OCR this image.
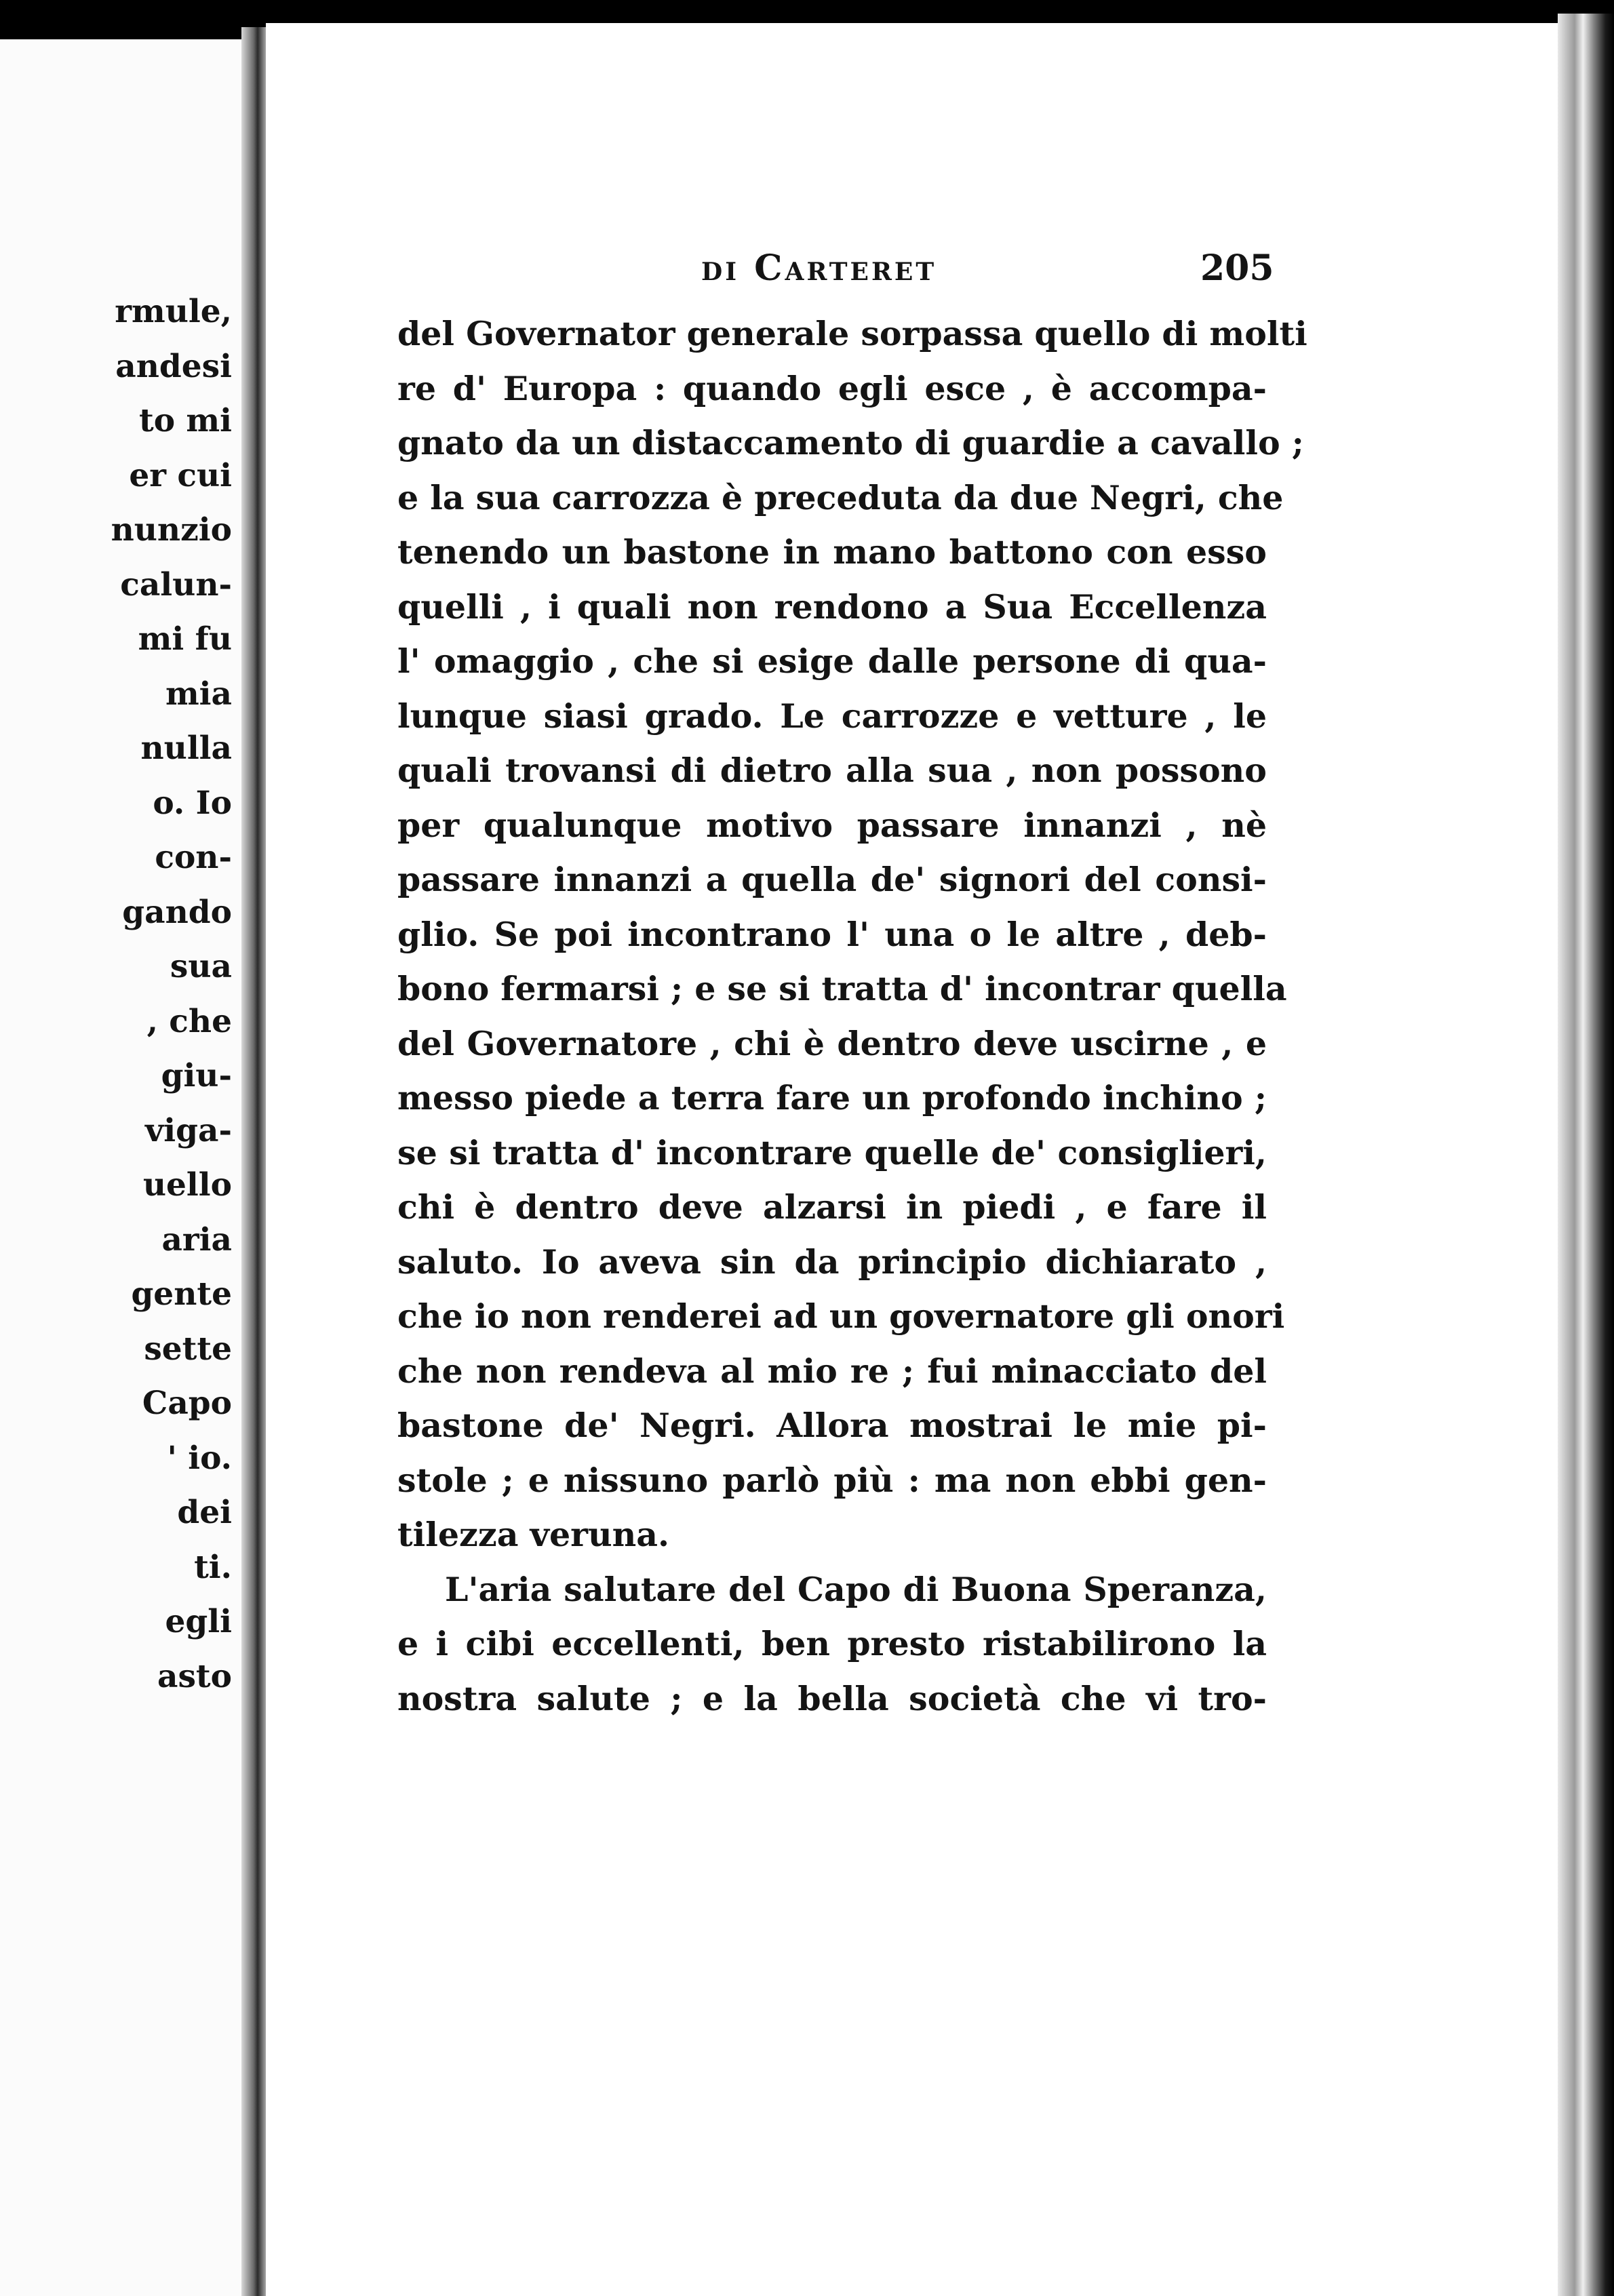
rmule,
andesi
to mi
er cui
nunzio
calun-
mi fu
mia
nulla
o. Io
con-
gando
sua
, che
giu-
viga-
uello
aria
gente
sette
Capo
' io.
dei
ti.
egli
asto
di Carteret	205
del Governator generale sorpassa quello di molti
re d' Europa : quando egli esce , è accompa-
gnato da un distaccamento di guardie a cavallo ;
e la sua carrozza è preceduta da due Negri, che
tenendo un bastone in mano battono con esso
quelli , i quali non rendono a Sua Eccellenza
l' omaggio , che si esige dalle persone di qua-
lunque siasi grado. Le carrozze e vetture , le
quali trovansi di dietro alla sua , non possono
per qualunque motivo passare innanzi , nè
passare innanzi a quella de' signori del consi-
glio. Se poi incontrano l' una o le altre , deb-
bono fermarsi ; e se si tratta d' incontrar quella
del Governatore , chi è dentro deve uscirne , e
messo piede a terra fare un profondo inchino ;
se si tratta d' incontrare quelle de' consiglieri,
chi è dentro deve alzarsi in piedi , e fare il
saluto. Io aveva sin da principio dichiarato ,
che io non renderei ad un governatore gli onori
che non rendeva al mio re ; fui minacciato del
bastone de' Negri. Allora mostrai le mie pi-
stole ; e nissuno parlò più : ma non ebbi gen-
tilezza veruna.
L'aria salutare del Capo di Buona Speranza,
e i cibi eccellenti, ben presto ristabilirono la
nostra salute ; e la bella società che vi tro-
